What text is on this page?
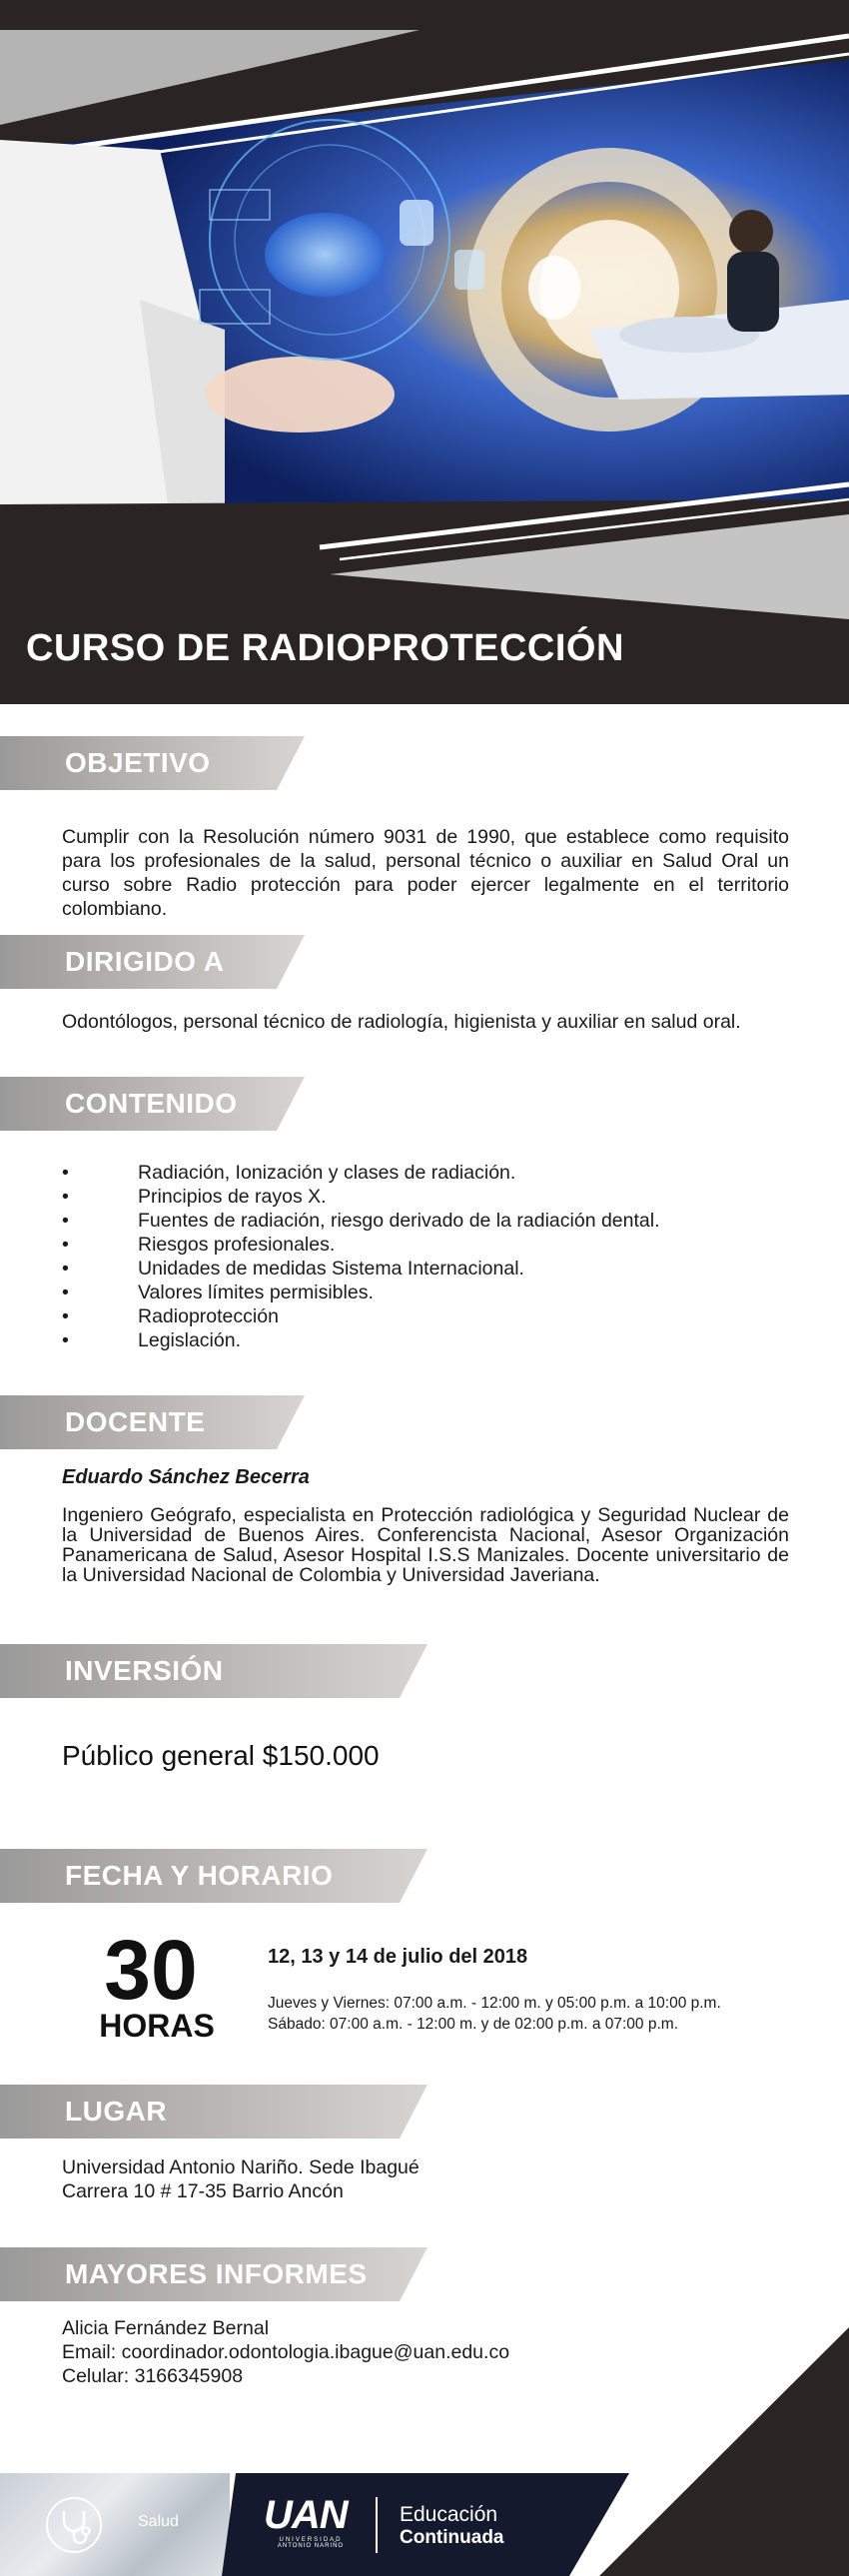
CURSO DE RADIOPROTECCIÓN
OBJETIVO
Cumplir con la Resolución número 9031 de 1990, que establece como requisito para los profesionales de la salud, personal técnico o auxiliar en Salud Oral un curso sobre Radio protección para poder ejercer legalmente en el territorio colombiano.
DIRIGIDO A
Odontólogos, personal técnico de radiología, higienista y auxiliar en salud oral.
CONTENIDO
•	Radiación, Ionización y clases de radiación.
•	Principios de rayos X.
•	Fuentes de radiación, riesgo derivado de la radiación dental.
•	Riesgos profesionales.
•	Unidades de medidas Sistema Internacional.
•	Valores límites permisibles.
•	Radioprotección
•	Legislación.
DOCENTE
Eduardo Sánchez Becerra
Ingeniero Geógrafo, especialista en Protección radiológica y Seguridad Nuclear de la Universidad de Buenos Aires. Conferencista Nacional, Asesor Organización Panamericana de Salud, Asesor Hospital I.S.S Manizales. Docente universitario de la Universidad Nacional de Colombia y Universidad Javeriana.
INVERSIÓN
Público general $150.000
FECHA Y HORARIO
30
HORAS
12, 13 y 14 de julio del 2018
Jueves y Viernes: 07:00 a.m. - 12:00 m. y 05:00 p.m. a 10:00 p.m.
Sábado: 07:00 a.m. - 12:00 m. y de 02:00 p.m. a 07:00 p.m.
LUGAR
Universidad Antonio Nariño. Sede Ibagué
Carrera 10 # 17-35 Barrio Ancón
MAYORES INFORMES
Alicia Fernández Bernal
Email: coordinador.odontologia.ibague@uan.edu.co
Celular: 3166345908
Salud UAN
UNIVERSIDAD
ANTONIO NARIÑO
Educación
Continuada
